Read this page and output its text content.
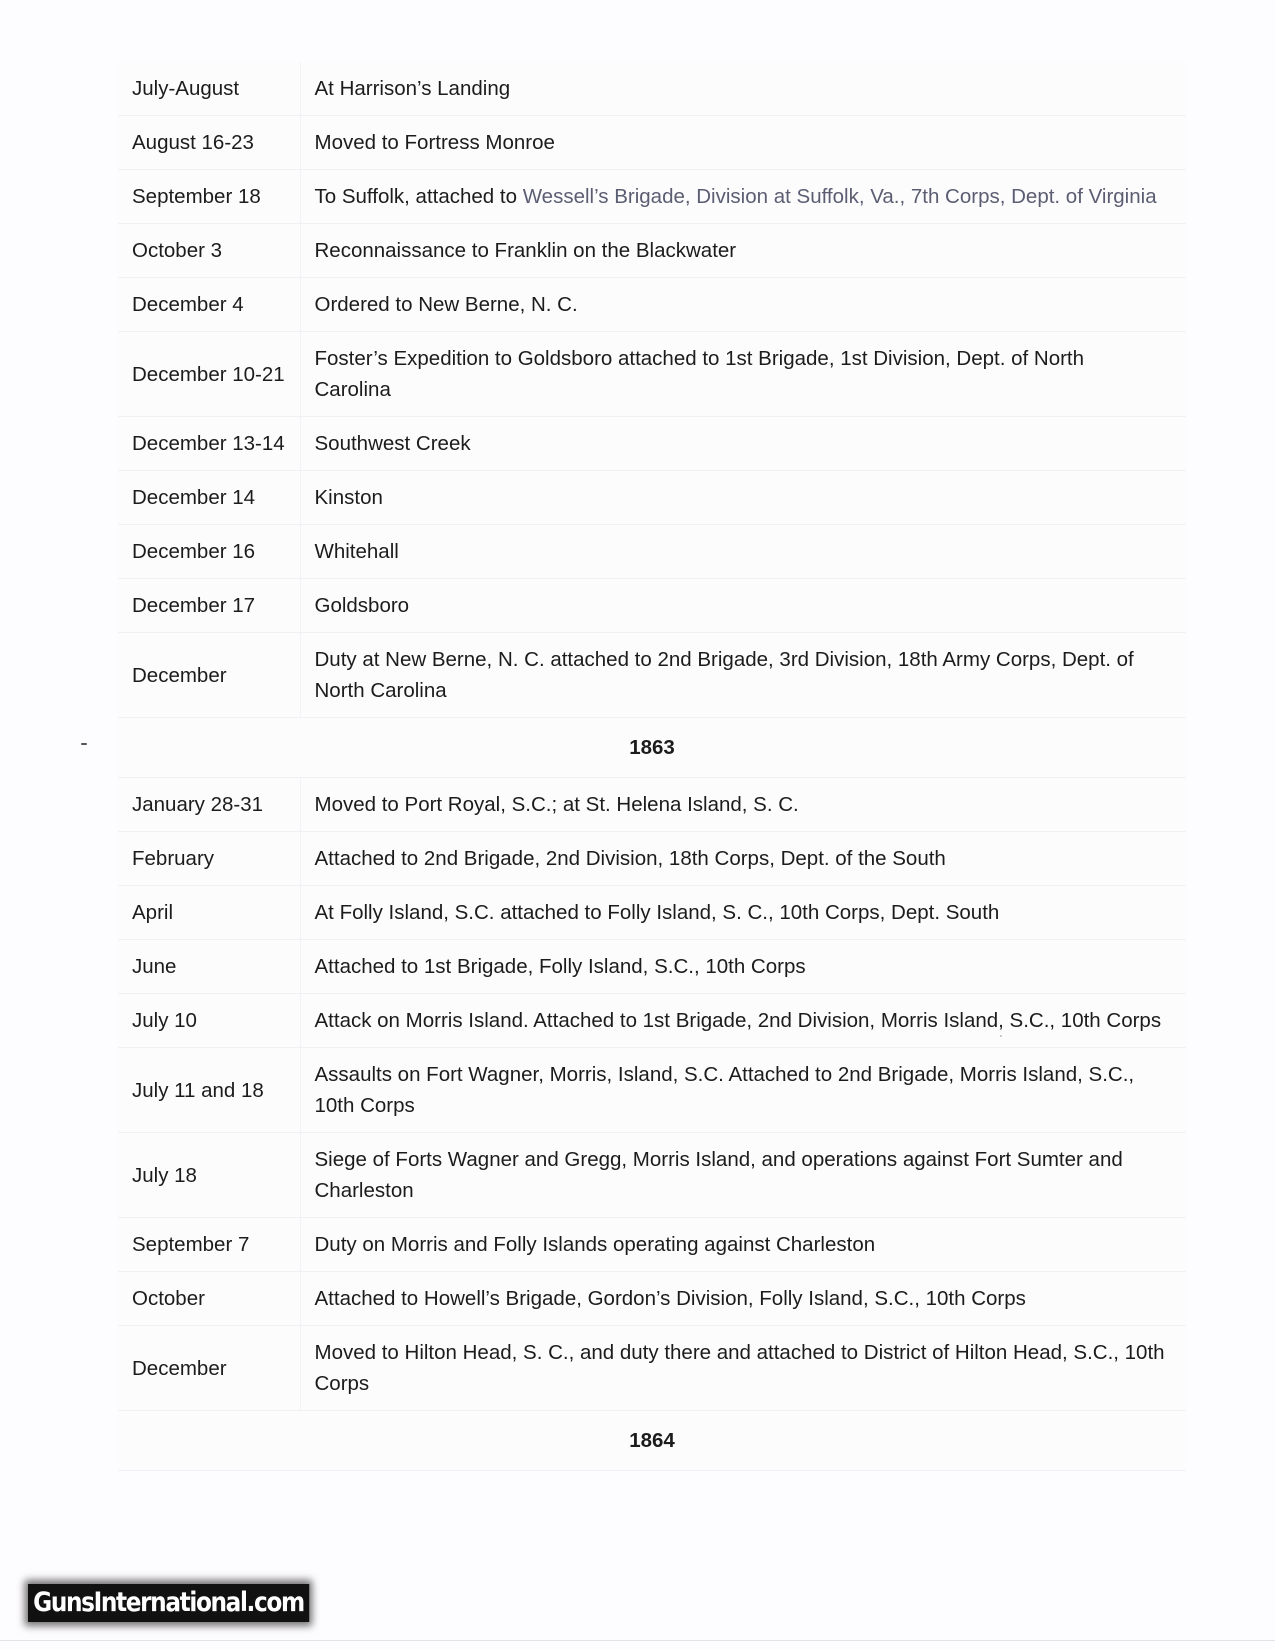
July-August	At Harrison’s Landing
August 16-23	Moved to Fortress Monroe
September 18	To Suffolk, attached to Wessell’s Brigade, Division at Suffolk, Va., 7th Corps, Dept. of Virginia
October 3	Reconnaissance to Franklin on the Blackwater
December 4	Ordered to New Berne, N. C.
December 10-21	Foster’s Expedition to Goldsboro attached to 1st Brigade, 1st Division, Dept. of North Carolina
December 13-14	Southwest Creek
December 14	Kinston
December 16	Whitehall
December 17	Goldsboro
December	Duty at New Berne, N. C. attached to 2nd Brigade, 3rd Division, 18th Army Corps, Dept. of North Carolina
1863	
January 28-31	Moved to Port Royal, S.C.; at St. Helena Island, S. C.
February	Attached to 2nd Brigade, 2nd Division, 18th Corps, Dept. of the South
April	At Folly Island, S.C. attached to Folly Island, S. C., 10th Corps, Dept. South
June	Attached to 1st Brigade, Folly Island, S.C., 10th Corps
July 10	Attack on Morris Island. Attached to 1st Brigade, 2nd Division, Morris Island, S.C., 10th Corps
July 11 and 18	Assaults on Fort Wagner, Morris, Island, S.C. Attached to 2nd Brigade, Morris Island, S.C., 10th Corps
July 18	Siege of Forts Wagner and Gregg, Morris Island, and operations against Fort Sumter and Charleston
September 7	Duty on Morris and Folly Islands operating against Charleston
October	Attached to Howell’s Brigade, Gordon’s Division, Folly Island, S.C., 10th Corps
December	Moved to Hilton Head, S. C., and duty there and attached to District of Hilton Head, S.C., 10th Corps
1864	
GunsInternational.com
